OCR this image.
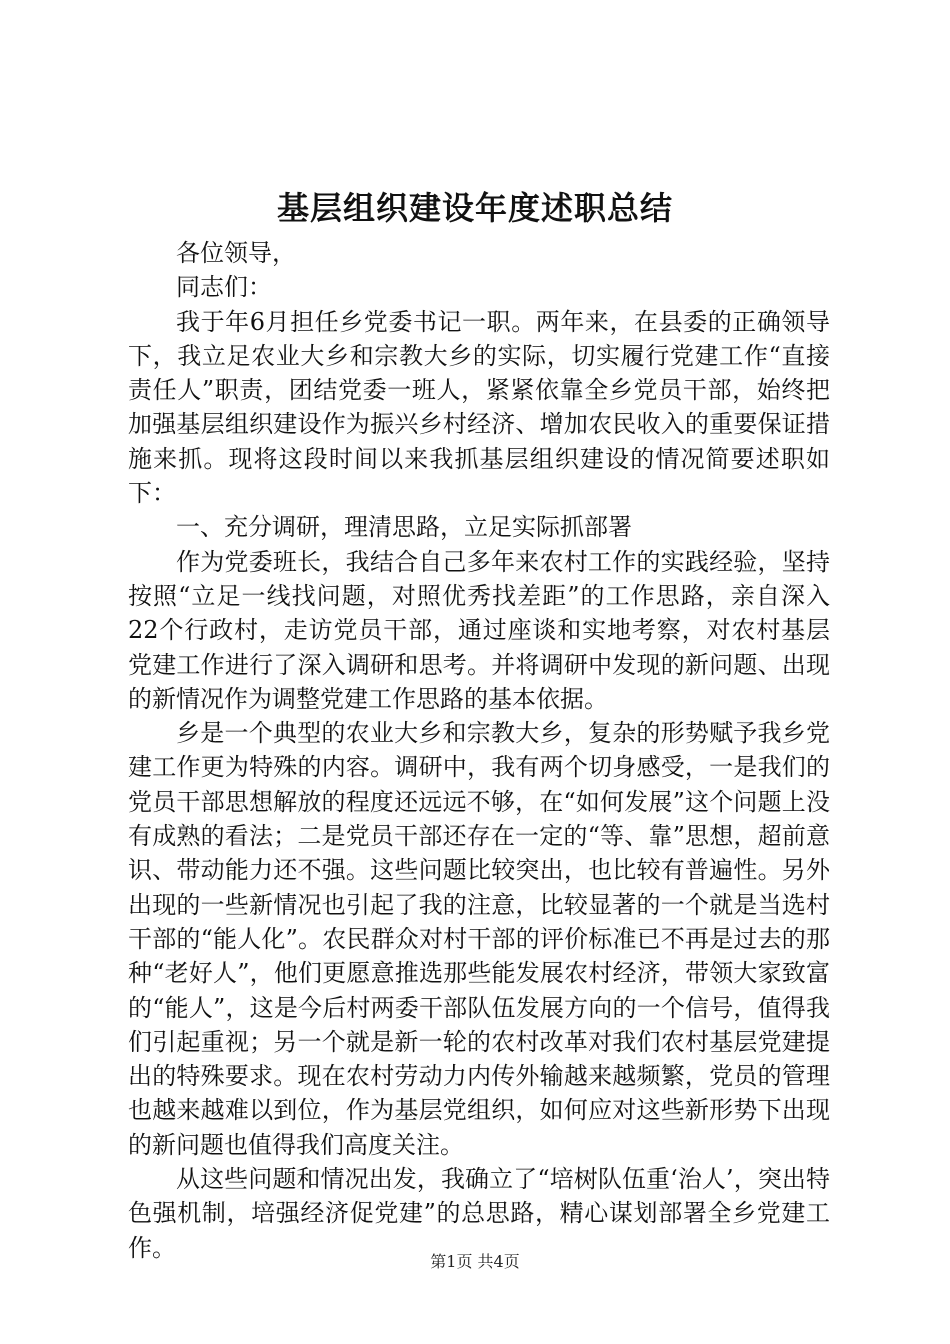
基层组织建设年度述职总结

各位领导，

同志们：

我于年6月担任乡党委书记一职。两年来，在县委的正确领导下，我立足农业大乡和宗教大乡的实际，切实履行党建工作“直接责任人”职责，团结党委一班人，紧紧依靠全乡党员干部，始终把加强基层组织建设作为振兴乡村经济、增加农民收入的重要保证措施来抓。现将这段时间以来我抓基层组织建设的情况简要述职如下：

一、充分调研，理清思路，立足实际抓部署

作为党委班长，我结合自己多年来农村工作的实践经验，坚持按照“立足一线找问题，对照优秀找差距”的工作思路，亲自深入22个行政村，走访党员干部，通过座谈和实地考察，对农村基层党建工作进行了深入调研和思考。并将调研中发现的新问题、出现的新情况作为调整党建工作思路的基本依据。

乡是一个典型的农业大乡和宗教大乡，复杂的形势赋予我乡党建工作更为特殊的内容。调研中，我有两个切身感受，一是我们的党员干部思想解放的程度还远远不够，在“如何发展”这个问题上没有成熟的看法；二是党员干部还存在一定的“等、靠”思想，超前意识、带动能力还不强。这些问题比较突出，也比较有普遍性。另外出现的一些新情况也引起了我的注意，比较显著的一个就是当选村干部的“能人化”。农民群众对村干部的评价标准已不再是过去的那种“老好人”，他们更愿意推选那些能发展农村经济，带领大家致富的“能人”，这是今后村两委干部队伍发展方向的一个信号，值得我们引起重视；另一个就是新一轮的农村改革对我们农村基层党建提出的特殊要求。现在农村劳动力内传外输越来越频繁，党员的管理也越来越难以到位，作为基层党组织，如何应对这些新形势下出现的新问题也值得我们高度关注。

从这些问题和情况出发，我确立了“培树队伍重‘治人’，突出特色强机制，培强经济促党建”的总思路，精心谋划部署全乡党建工作。	第1页 共4页
